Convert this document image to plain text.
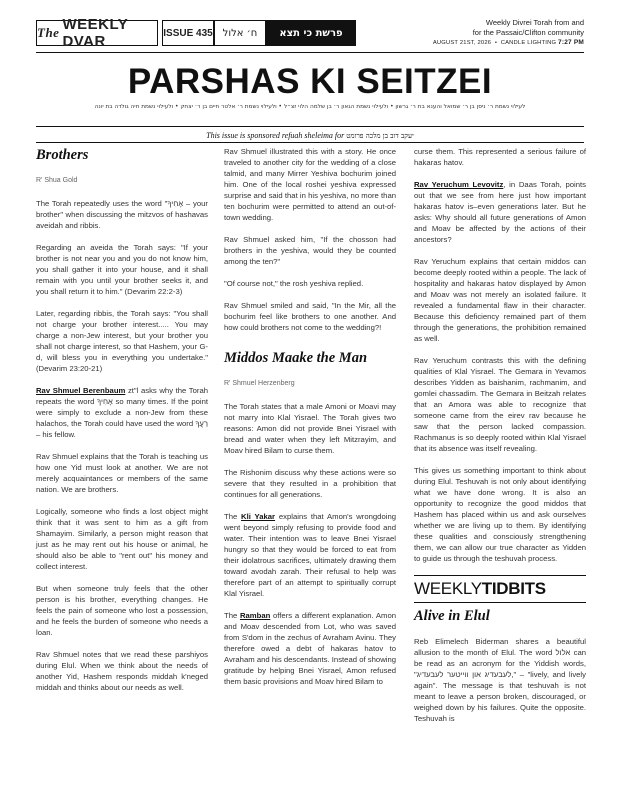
The WEEKLY DVAR	ISSUE 435 ח׳ אלול	פרשת כי תצא
Weekly Divrei Torah from and
for the Passaic/Clifton community
AUGUST 21ST, 2026  •  CANDLE LIGHTING 7:27 PM
PARSHAS KI SEITZEI
לעילוי נשמת ר׳ ניסן בן ר׳ שמואל והענא בת ר׳ גרשון • ולעילוי נשמת הגאון ר׳ בן שלמה הלוי זצ״ל • ולעילוי נשמת ר׳ אלטר חיים בן ר׳ יצחק • ולעילוי נשמת חיה גולדה בת יונה
This issue is sponsored refuah sheleima for יעקב דוב בן מלכה פרומט

Brothers

R' Shua Gold

The Torah repeatedly uses the word "אָחִיךָ – your brother" when discussing the mitzvos of hashavas aveidah and ribbis.

Regarding an aveida the Torah says: "If your brother is not near you and you do not know him, you shall gather it into your house, and it shall remain with you until your brother seeks it, and you shall return it to him." (Devarim 22:2-3)

Later, regarding ribbis, the Torah says: "You shall not charge your brother interest..... You may charge a non-Jew interest, but your brother you shall not charge interest, so that Hashem, your G-d, will bless you in everything you undertake." (Devarim 23:20-21)

Rav Shmuel Berenbaum zt"l asks why the Torah repeats the word אָחִיךָ so many times. If the point were simply to exclude a non-Jew from these halachos, the Torah could have used the word רֵעֲךָ – his fellow.

Rav Shmuel explains that the Torah is teaching us how one Yid must look at another. We are not merely acquaintances or members of the same nation. We are brothers.

Logically, someone who finds a lost object might think that it was sent to him as a gift from Shamayim. Similarly, a person might reason that just as he may rent out his house or animal, he should also be able to "rent out" his money and collect interest.

But when someone truly feels that the other person is his brother, everything changes. He feels the pain of someone who lost a possession, and he feels the burden of someone who needs a loan.

Rav Shmuel notes that we read these parshiyos during Elul. When we think about the needs of another Yid, Hashem responds middah k'neged middah and thinks about our needs as well.

Rav Shmuel illustrated this with a story. He once traveled to another city for the wedding of a close talmid, and many Mirrer Yeshiva bochurim joined him. One of the local roshei yeshiva expressed surprise and said that in his yeshiva, no more than ten bochurim were permitted to attend an out-of-town wedding.

Rav Shmuel asked him, "If the chosson had brothers in the yeshiva, would they be counted among the ten?"

"Of course not," the rosh yeshiva replied.

Rav Shmuel smiled and said, "In the Mir, all the bochurim feel like brothers to one another. And how could brothers not come to the wedding?!

Middos Maake the Man

R' Shmuel Herzenberg

The Torah states that a male Amoni or Moavi may not marry into Klal Yisrael. The Torah gives two reasons: Amon did not provide Bnei Yisrael with bread and water when they left Mitzrayim, and Moav hired Bilam to curse them.

The Rishonim discuss why these actions were so severe that they resulted in a prohibition that continues for all generations.

The Kli Yakar explains that Amon's wrongdoing went beyond simply refusing to provide food and water. Their intention was to leave Bnei Yisrael hungry so that they would be forced to eat from their idolatrous sacrifices, ultimately drawing them toward avodah zarah. Their refusal to help was therefore part of an attempt to spiritually corrupt Klal Yisrael.

The Ramban offers a different explanation. Amon and Moav descended from Lot, who was saved from S'dom in the zechus of Avraham Avinu. They therefore owed a debt of hakaras hatov to Avraham and his descendants. Instead of showing gratitude by helping Bnei Yisrael, Amon refused them basic provisions and Moav hired Bilam to

curse them. This represented a serious failure of hakaras hatov.

Rav Yeruchum Levovitz, in Daas Torah, points out that we see from here just how important hakaras hatov is–even generations later. But he asks: Why should all future generations of Amon and Moav be affected by the actions of their ancestors?

Rav Yeruchum explains that certain middos can become deeply rooted within a people. The lack of hospitality and hakaras hatov displayed by Amon and Moav was not merely an isolated failure. It revealed a fundamental flaw in their character. Because this deficiency remained part of them through the generations, the prohibition remained as well.

Rav Yeruchum contrasts this with the defining qualities of Klal Yisrael. The Gemara in Yevamos describes Yidden as baishanim, rachmanim, and gomlei chassadim. The Gemara in Beitzah relates that an Amora was able to recognize that someone came from the eirev rav because he saw that the person lacked compassion. Rachmanus is so deeply rooted within Klal Yisrael that its absence was itself revealing.

This gives us something important to think about during Elul. Teshuvah is not only about identifying what we have done wrong. It is also an opportunity to recognize the good middos that Hashem has placed within us and ask ourselves whether we are living up to them. By identifying these qualities and consciously strengthening them, we can allow our true character as Yidden to guide us through the teshuvah process.

WEEKLYTIDBITS

Alive in Elul

Reb Elimelech Biderman shares a beautiful allusion to the month of Elul. The word אלול can be read as an acronym for the Yiddish words, "לעבעדיג און ווייטער לעבעדיג," – "lively, and lively again". The message is that teshuvah is not meant to leave a person broken, discouraged, or weighed down by his failures. Quite the opposite. Teshuvah is
